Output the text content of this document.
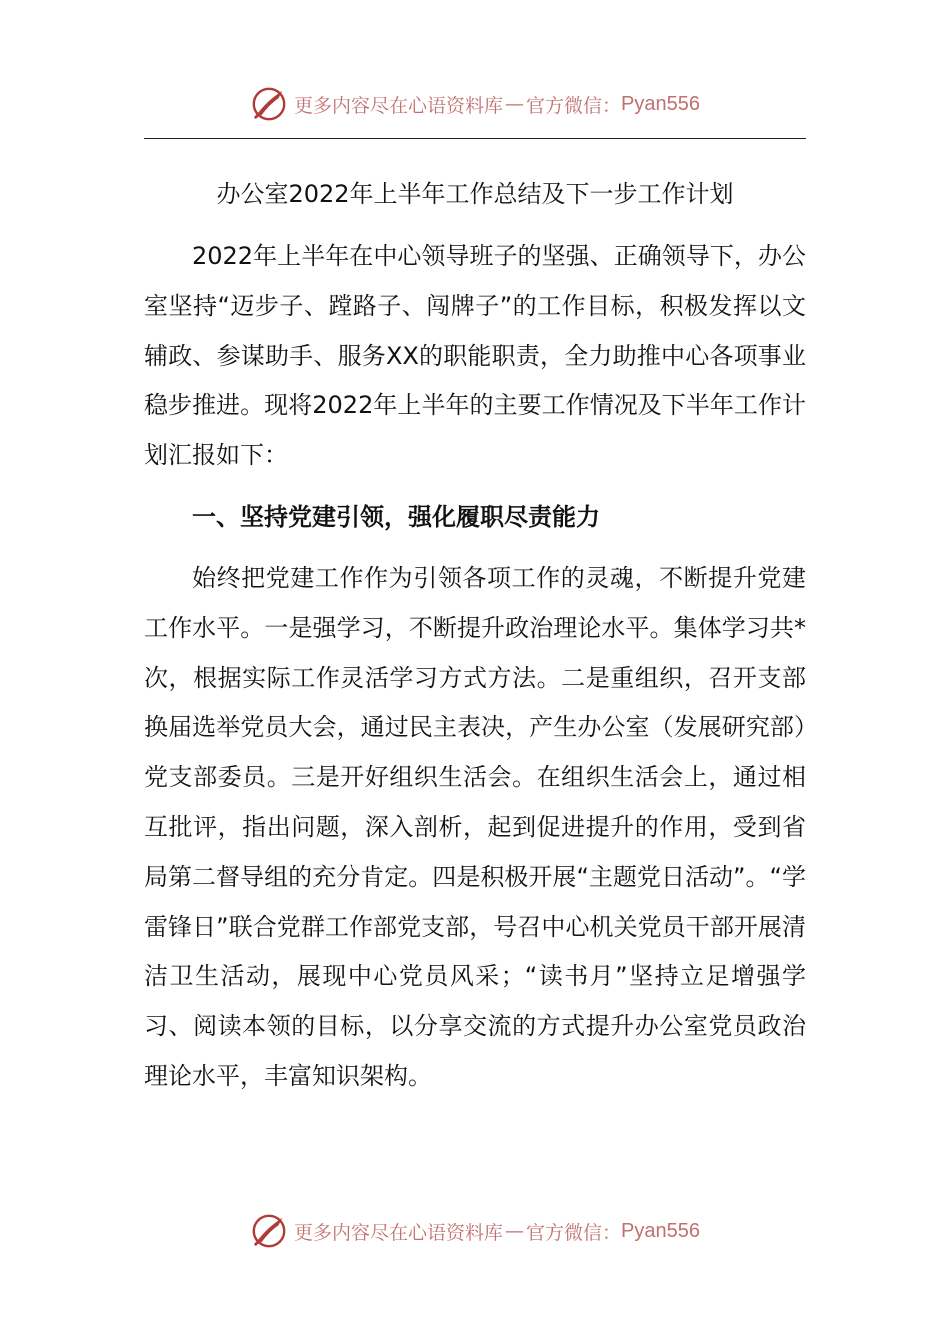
更多内容尽在心语资料库 — 官方微信： Pyan556
办公室2022年上半年工作总结及下一步工作计划

2022年上半年在中心领导班子的坚强、正确领导下，办公室坚持“迈步子、蹚路子、闯牌子”的工作目标，积极发挥以文辅政、参谋助手、服务XX的职能职责，全力助推中心各项事业稳步推进。现将2022年上半年的主要工作情况及下半年工作计划汇报如下：

一、坚持党建引领，强化履职尽责能力

始终把党建工作作为引领各项工作的灵魂，不断提升党建工作水平。一是强学习，不断提升政治理论水平。集体学习共*次，根据实际工作灵活学习方式方法。二是重组织，召开支部换届选举党员大会，通过民主表决，产生办公室（发展研究部）党支部委员。三是开好组织生活会。在组织生活会上，通过相互批评，指出问题，深入剖析，起到促进提升的作用，受到省局第二督导组的充分肯定。四是积极开展“主题党日活动”。“学雷锋日”联合党群工作部党支部，号召中心机关党员干部开展清洁卫生活动，展现中心党员风采；“读书月”坚持立足增强学习、阅读本领的目标，以分享交流的方式提升办公室党员政治理论水平，丰富知识架构。

更多内容尽在心语资料库 — 官方微信： Pyan556
